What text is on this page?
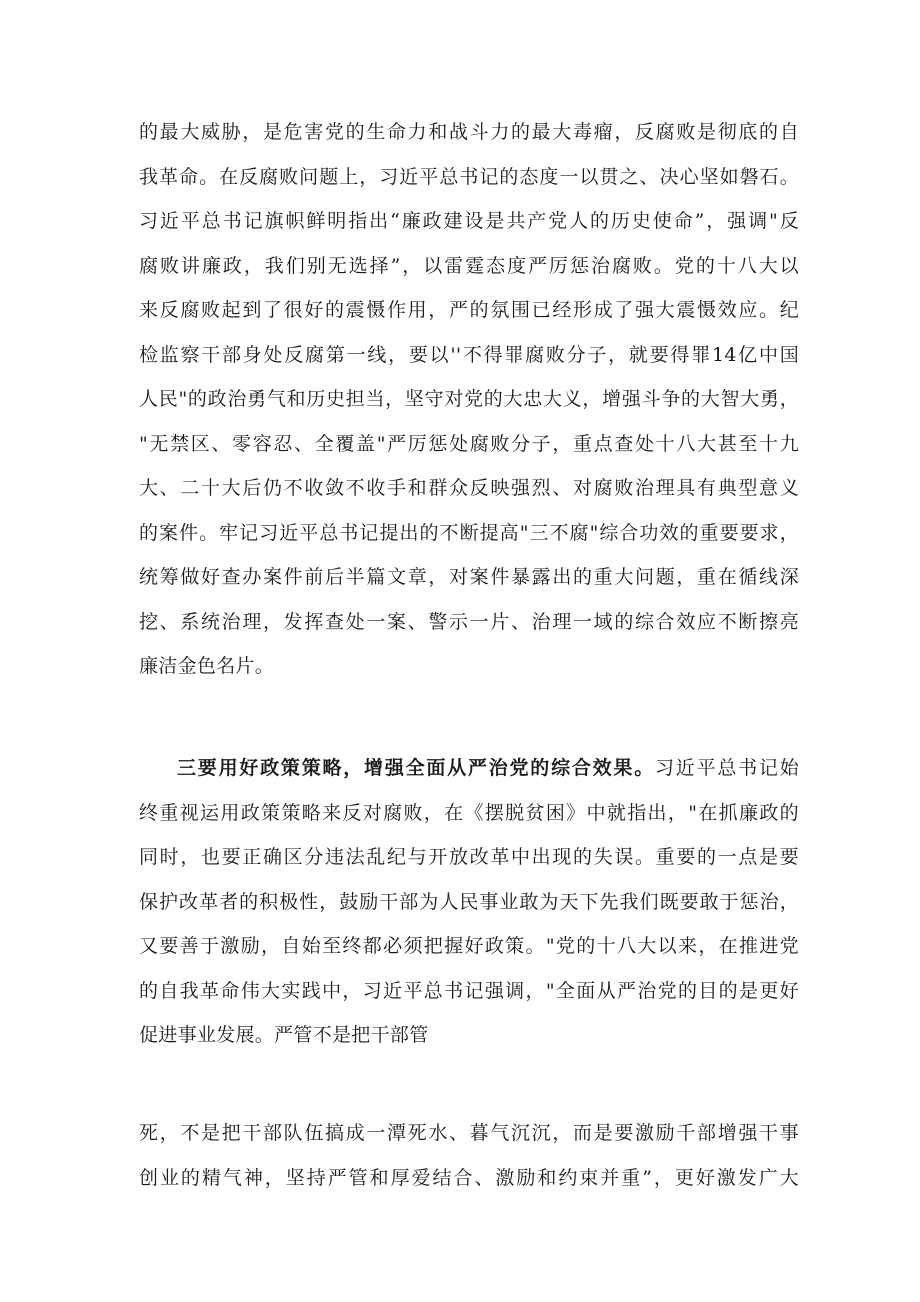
的最大威胁，是危害党的生命力和战斗力的最大毒瘤，反腐败是彻底的自
我革命。在反腐败问题上，习近平总书记的态度一以贯之、决心坚如磐石。
习近平总书记旗帜鲜明指出“廉政建设是共产党人的历史使命”，强调"反
腐败讲廉政，我们别无选择”，以雷霆态度严厉惩治腐败。党的十八大以
来反腐败起到了很好的震慑作用，严的氛围已经形成了强大震慑效应。纪
检监察干部身处反腐第一线，要以''不得罪腐败分子，就要得罪14亿中国
人民"的政治勇气和历史担当，坚守对党的大忠大义，增强斗争的大智大勇，
"无禁区、零容忍、全覆盖"严厉惩处腐败分子，重点查处十八大甚至十九
大、二十大后仍不收敛不收手和群众反映强烈、对腐败治理具有典型意义
的案件。牢记习近平总书记提出的不断提高"三不腐"综合功效的重要要求，
统筹做好查办案件前后半篇文章，对案件暴露出的重大问题，重在循线深
挖、系统治理，发挥查处一案、警示一片、治理一域的综合效应不断擦亮
廉洁金色名片。
三要用好政策策略，增强全面从严治党的综合效果。习近平总书记始
终重视运用政策策略来反对腐败，在《摆脱贫困》中就指出，"在抓廉政的
同时，也要正确区分违法乱纪与开放改革中出现的失误。重要的一点是要
保护改革者的积极性，鼓励干部为人民事业敢为天下先我们既要敢于惩治，
又要善于激励，自始至终都必须把握好政策。"党的十八大以来，在推进党
的自我革命伟大实践中，习近平总书记强调，"全面从严治党的目的是更好
促进事业发展。严管不是把干部管
死，不是把干部队伍搞成一潭死水、暮气沉沉，而是要激励千部增强干事
创业的精气神，坚持严管和厚爱结合、激励和约束并重”，更好激发广大
